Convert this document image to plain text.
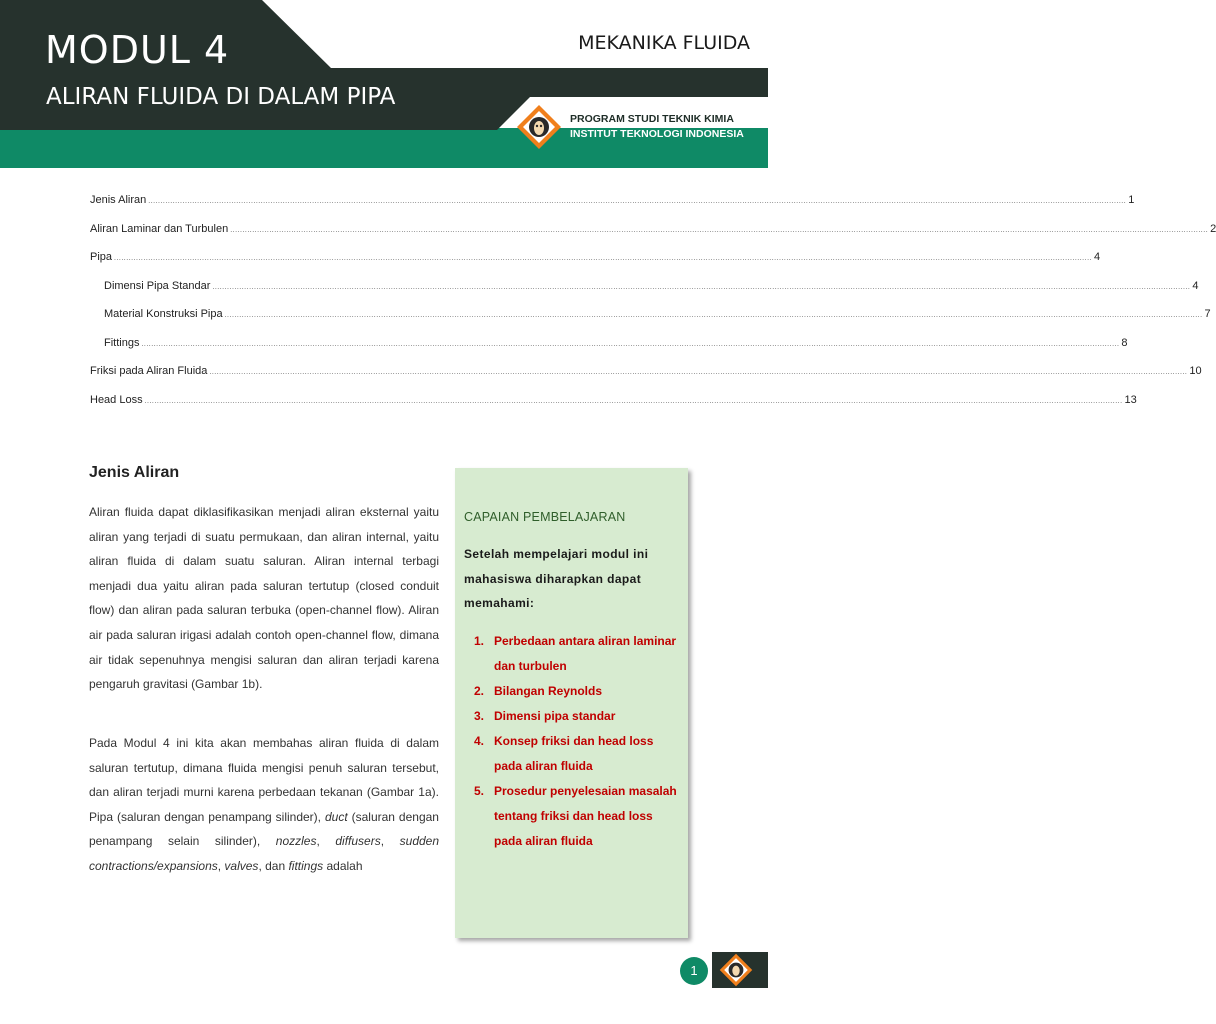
MODUL 4
ALIRAN FLUIDA DI DALAM PIPA
MEKANIKA FLUIDA
PROGRAM STUDI TEKNIK KIMIA
INSTITUT TEKNOLOGI INDONESIA
Jenis Aliran ................................................................................................................................................................................................................................................................................................................................................................................................................ 1
Aliran Laminar dan Turbulen ................................................................................................................................................................................................................................................................................................................................................................................................................ 2
Pipa ................................................................................................................................................................................................................................................................................................................................................................................................................ 4
Dimensi Pipa Standar ................................................................................................................................................................................................................................................................................................................................................................................................................ 4
Material Konstruksi Pipa ................................................................................................................................................................................................................................................................................................................................................................................................................ 7
Fittings ................................................................................................................................................................................................................................................................................................................................................................................................................ 8
Friksi pada Aliran Fluida ................................................................................................................................................................................................................................................................................................................................................................................................................ 10
Head Loss ................................................................................................................................................................................................................................................................................................................................................................................................................ 13
Jenis Aliran

Aliran fluida dapat diklasifikasikan menjadi aliran eksternal yaitu aliran yang terjadi di suatu permukaan, dan aliran internal, yaitu aliran fluida di dalam suatu saluran. Aliran internal terbagi menjadi dua yaitu aliran pada saluran tertutup (closed conduit flow) dan aliran pada saluran terbuka (open-channel flow). Aliran air pada saluran irigasi adalah contoh open-channel flow, dimana air tidak sepenuhnya mengisi saluran dan aliran terjadi karena pengaruh gravitasi (Gambar 1b).

Pada Modul 4 ini kita akan membahas aliran fluida di dalam saluran tertutup, dimana fluida mengisi penuh saluran tersebut, dan aliran terjadi murni karena perbedaan tekanan (Gambar 1a). Pipa (saluran dengan penampang silinder), duct (saluran dengan penampang selain silinder), nozzles, diffusers, sudden contractions/expansions, valves, dan fittings adalah

CAPAIAN PEMBELAJARAN

Setelah mempelajari modul ini mahasiswa diharapkan dapat memahami:

1. Perbedaan antara aliran laminar dan turbulen
2. Bilangan Reynolds
3. Dimensi pipa standar
4. Konsep friksi dan head loss pada aliran fluida
5. Prosedur penyelesaian masalah tentang friksi dan head loss pada aliran fluida
1
